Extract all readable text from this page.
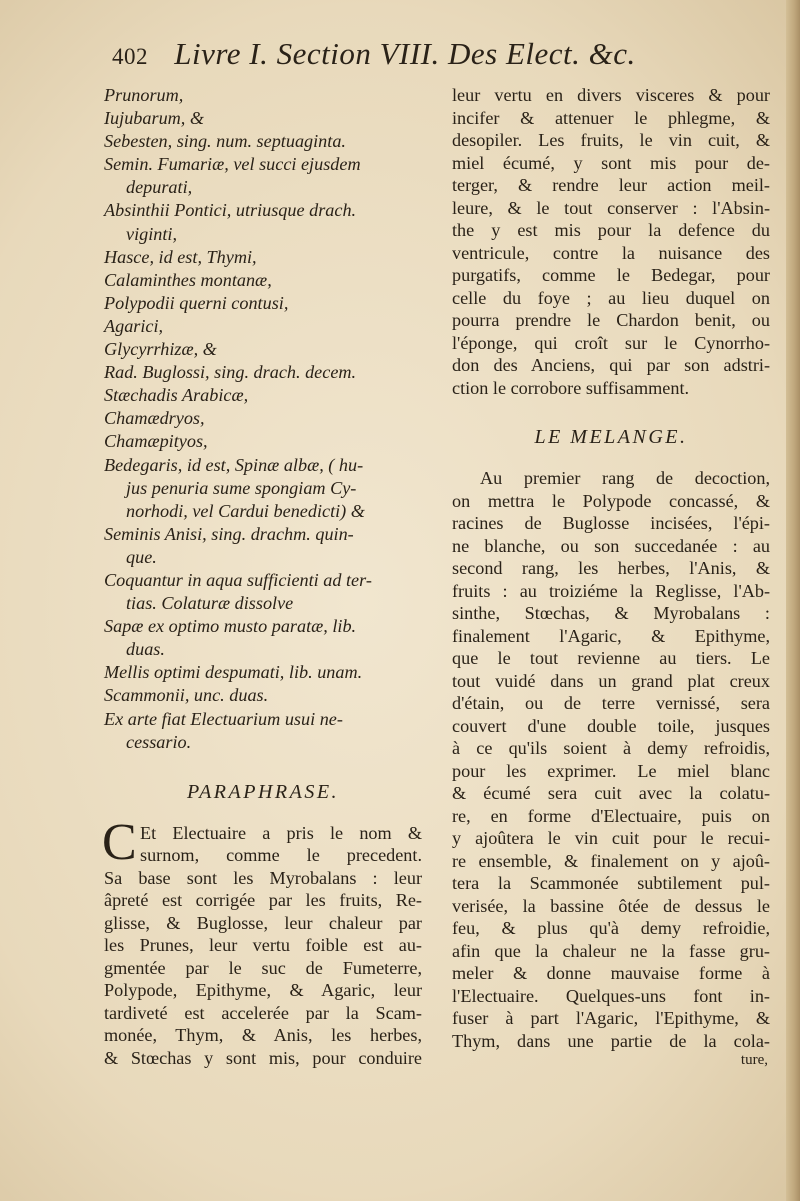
402 Livre I. Section VIII. Des Elect. &c.
Prunorum,
Iujubarum, &
Sebesten, sing. num. septuaginta.
Semin. Fumariæ, vel succi ejusdem
depurati,
Absinthii Pontici, utriusque drach.
viginti,
Hasce, id est, Thymi,
Calaminthes montanæ,
Polypodii querni contusi,
Agarici,
Glycyrrhizæ, &
Rad. Buglossi, sing. drach. decem.
Stæchadis Arabicæ,
Chamædryos,
Chamæpityos,
Bedegaris, id est, Spinæ albæ, ( hu-
jus penuria sume spongiam Cy-
norhodi, vel Cardui benedicti) &
Seminis Anisi, sing. drachm. quin-
que.
Coquantur in aqua sufficienti ad ter-
tias. Colaturæ dissolve
Sapæ ex optimo musto paratæ, lib.
duas.
Mellis optimi despumati, lib. unam.
Scammonii, unc. duas.
Ex arte fiat Electuarium usui ne-
cessario.
PARAPHRASE.
C Et Electuaire a pris le nom &
surnom, comme le precedent.
Sa base sont les Myrobalans : leur
âpreté est corrigée par les fruits, Re-
glisse, & Buglosse, leur chaleur par
les Prunes, leur vertu foible est au-
gmentée par le suc de Fumeterre,
Polypode, Epithyme, & Agaric, leur
tardiveté est accelerée par la Scam-
monée, Thym, & Anis, les herbes,
& Stœchas y sont mis, pour conduire
leur vertu en divers visceres & pour
incifer & attenuer le phlegme, &
desopiler. Les fruits, le vin cuit, &
miel écumé, y sont mis pour de-
terger, & rendre leur action meil-
leure, & le tout conserver : l'Absin-
the y est mis pour la defence du
ventricule, contre la nuisance des
purgatifs, comme le Bedegar, pour
celle du foye ; au lieu duquel on
pourra prendre le Chardon benit, ou
l'éponge, qui croît sur le Cynorrho-
don des Anciens, qui par son adstri-
ction le corrobore suffisamment.
LE MELANGE.
Au premier rang de decoction,
on mettra le Polypode concassé, &
racines de Buglosse incisées, l'épi-
ne blanche, ou son succedanée : au
second rang, les herbes, l'Anis, &
fruits : au troiziéme la Reglisse, l'Ab-
sinthe, Stœchas, & Myrobalans :
finalement l'Agaric, & Epithyme,
que le tout revienne au tiers. Le
tout vuidé dans un grand plat creux
d'étain, ou de terre vernissé, sera
couvert d'une double toile, jusques
à ce qu'ils soient à demy refroidis,
pour les exprimer. Le miel blanc
& écumé sera cuit avec la colatu-
re, en forme d'Electuaire, puis on
y ajoûtera le vin cuit pour le recui-
re ensemble, & finalement on y ajoû-
tera la Scammonée subtilement pul-
verisée, la bassine ôtée de dessus le
feu, & plus qu'à demy refroidie,
afin que la chaleur ne la fasse gru-
meler & donne mauvaise forme à
l'Electuaire. Quelques-uns font in-
fuser à part l'Agaric, l'Epithyme, &
Thym, dans une partie de la cola-
ture,
